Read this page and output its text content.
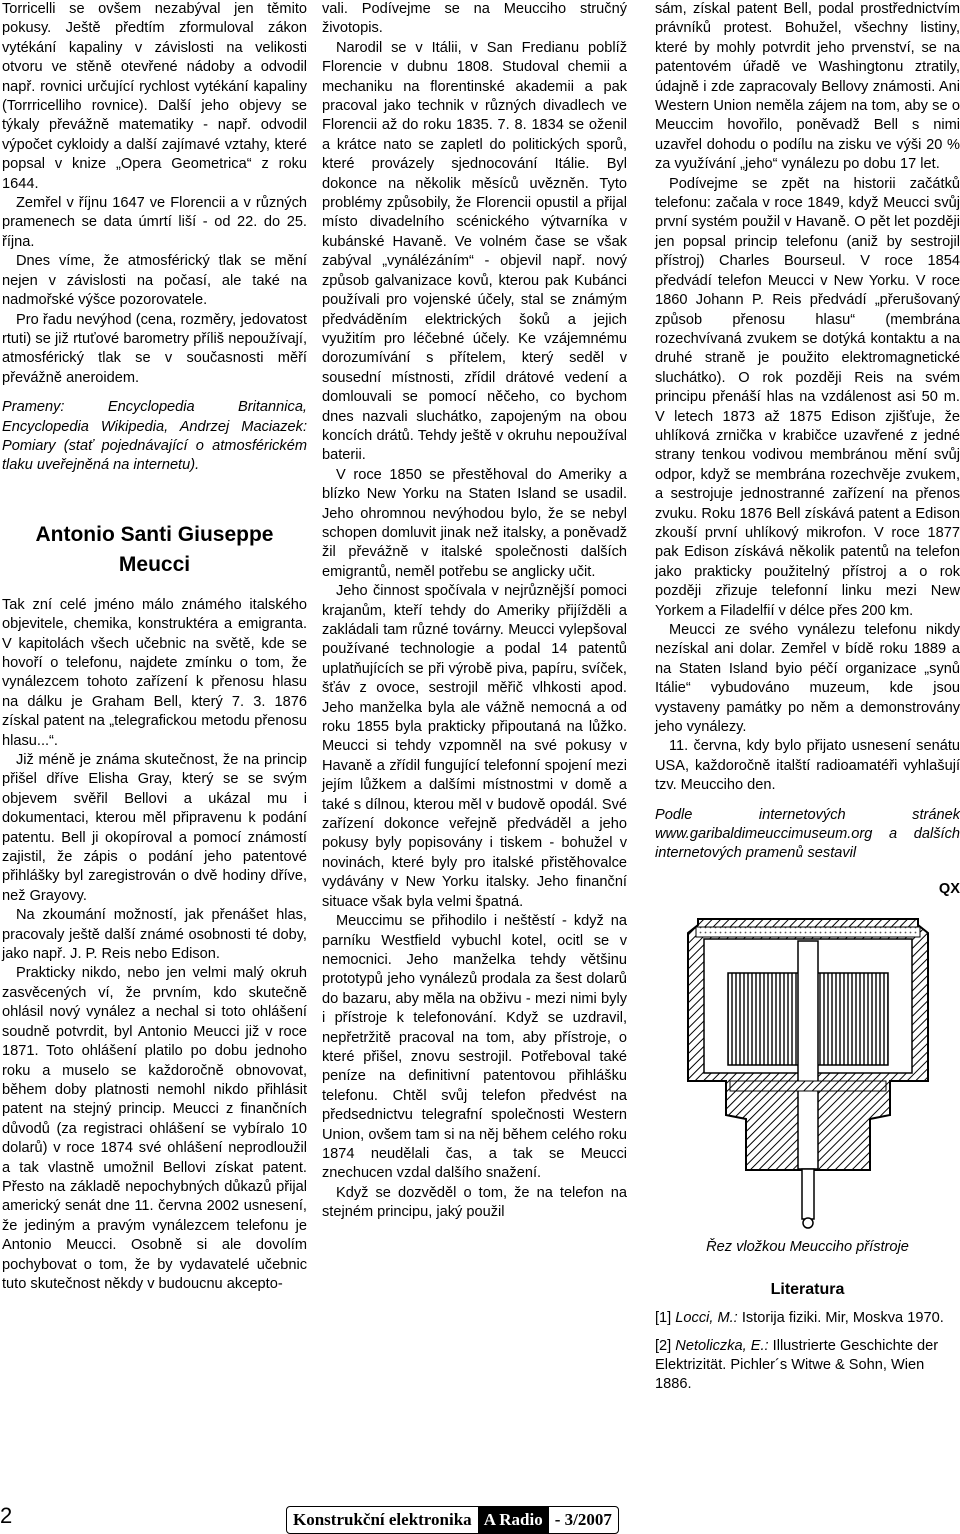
Torricelli se ovšem nezabýval jen těmito pokusy. Ještě předtím zformuloval zákon vytékání kapaliny v závislosti na velikosti otvoru ve stěně otevřené nádoby a odvodil např. rovnici určující rychlost vytékání kapaliny (Torrricelliho rovnice). Další jeho objevy se týkaly převážně matematiky - např. odvodil výpočet cykloidy a další zajímavé vztahy, které popsal v knize „Opera Geometrica“ z roku 1644.

Zemřel v říjnu 1647 ve Florencii a v různých pramenech se data úmrtí liší - od 22. do 25. října.

Dnes víme, že atmosférický tlak se mění nejen v závislosti na počasí, ale také na nadmořské výšce pozorovatele.

Pro řadu nevýhod (cena, rozměry, jedovatost rtuti) se již rtuťové barometry příliš nepoužívají, atmosférický tlak se v současnosti měří převážně aneroidem.

Prameny: Encyclopedia Britannica, Encyclopedia Wikipedia, Andrzej Maciazek: Pomiary (stať pojednávající o atmosférickém tlaku uveřejněná na internetu).

Antonio Santi Giuseppe Meucci

Tak zní celé jméno málo známého italského objevitele, chemika, konstruktéra a emigranta. V kapitolách všech učebnic na světě, kde se hovoří o telefonu, najdete zmínku o tom, že vynálezcem tohoto zařízení k přenosu hlasu na dálku je Graham Bell, který 7. 3. 1876 získal patent na „telegrafickou metodu přenosu hlasu...“.

Již méně je známa skutečnost, že na princip přišel dříve Elisha Gray, který se se svým objevem svěřil Bellovi a ukázal mu i dokumentaci, kterou měl připravenu k podání patentu. Bell ji okopíroval a pomocí známostí zajistil, že zápis o podání jeho patentové přihlášky byl zaregistrován o dvě hodiny dříve, než Grayovy.

Na zkoumání možností, jak přenášet hlas, pracovaly ještě další známé osobnosti té doby, jako např. J. P. Reis nebo Edison.

Prakticky nikdo, nebo jen velmi malý okruh zasvěcených ví, že prvním, kdo skutečně ohlásil nový vynález a nechal si toto ohlášení soudně potvrdit, byl Antonio Meucci již v roce 1871. Toto ohlášení platilo po dobu jednoho roku a muselo se každoročně obnovovat, během doby platnosti nemohl nikdo přihlásit patent na stejný princip. Meucci z finančních důvodů (za registraci ohlášení se vybíralo 10 dolarů) v roce 1874 své ohlášení neprodloužil a tak vlastně umožnil Bellovi získat patent. Přesto na základě nepochybných důkazů přijal americký senát dne 11. června 2002 usnesení, že jediným a pravým vynálezcem telefonu je Antonio Meucci. Osobně si ale dovolím pochybovat o tom, že by vydavatelé učebnic tuto skutečnost někdy v budoucnu akcepto-

vali. Podívejme se na Meucciho stručný životopis.

Narodil se v Itálii, v San Fredianu poblíž Florencie v dubnu 1808. Studoval chemii a mechaniku na florentinské akademii a pak pracoval jako technik v různých divadlech ve Florencii až do roku 1835. 7. 8. 1834 se oženil a krátce nato se zapletl do politických sporů, které provázely sjednocování Itálie. Byl dokonce na několik měsíců uvězněn. Tyto problémy způsobily, že Florencii opustil a přijal místo divadelního scénického výtvarníka v kubánské Havaně. Ve volném čase se však zabýval „vynálézáním“ - objevil např. nový způsob galvanizace kovů, kterou pak Kubánci používali pro vojenské účely, stal se známým předváděním elektrických šoků a jejich využitím pro léčebné účely. Ke vzájemnému dorozumívání s přítelem, který seděl v sousední místnosti, zřídil drátové vedení a domlouvali se pomocí něčeho, co bychom dnes nazvali sluchátko, zapojeným na obou koncích drátů. Tehdy ještě v okruhu nepoužíval baterii.

V roce 1850 se přestěhoval do Ameriky a blízko New Yorku na Staten Island se usadil. Jeho ohromnou nevýhodou bylo, že se nebyl schopen domluvit jinak než italsky, a poněvadž žil převážně v italské společnosti dalších emigrantů, neměl potřebu se anglicky učit.

Jeho činnost spočívala v nejrůznější pomoci krajanům, kteří tehdy do Ameriky přijížděli a zakládali tam různé továrny. Meucci vylepšoval používané technologie a podal 14 patentů uplatňujících se při výrobě piva, papíru, svíček, šťáv z ovoce, sestrojil měřič vlhkosti apod. Jeho manželka byla ale vážně nemocná a od roku 1855 byla prakticky připoutaná na lůžko. Meucci si tehdy vzpomněl na své pokusy v Havaně a zřídil fungující telefonní spojení mezi jejím lůžkem a dalšími místnostmi v domě a také s dílnou, kterou měl v budově opodál. Své zařízení dokonce veřejně předváděl a jeho pokusy byly popisovány i tiskem - bohužel v novinách, které byly pro italské přistěhovalce vydávány v New Yorku italsky. Jeho finanční situace však byla velmi špatná.

Meuccimu se přihodilo i neštěstí - když na parníku Westfield vybuchl kotel, ocitl se v nemocnici. Jeho manželka tehdy většinu prototypů jeho vynálezů prodala za šest dolarů do bazaru, aby měla na obživu - mezi nimi byly i přístroje k telefonování. Když se uzdravil, nepřetržitě pracoval na tom, aby přístroje, o které přišel, znovu sestrojil. Potřeboval také peníze na definitivní patentovou přihlášku telefonu. Chtěl svůj telefon předvést na předsednictvu telegrafní společnosti Western Union, ovšem tam si na něj během celého roku 1874 neudělali čas, a tak se Meucci znechucen vzdal dalšího snažení.

Když se dozvěděl o tom, že na telefon na stejném principu, jaký použil

sám, získal patent Bell, podal prostřednictvím právníků protest. Bohužel, všechny listiny, které by mohly potvrdit jeho prvenství, se na patentovém úřadě ve Washingtonu ztratily, údajně i zde zapracovaly Bellovy známosti. Ani Western Union neměla zájem na tom, aby se o Meuccim hovořilo, poněvadž Bell s nimi uzavřel dohodu o podílu na zisku ve výši 20 % za využívání „jeho“ vynálezu po dobu 17 let.

Podívejme se zpět na historii začátků telefonu: začala v roce 1849, když Meucci svůj první systém použil v Havaně. O pět let později jen popsal princip telefonu (aniž by sestrojil přístroj) Charles Bourseul. V roce 1854 předvádí telefon Meucci v New Yorku. V roce 1860 Johann P. Reis předvádí „přerušovaný způsob přenosu hlasu“ (membrána rozechvívaná zvukem se dotýká kontaktu a na druhé straně je použito elektromagnetické sluchátko). O rok později Reis na svém principu přenáší hlas na vzdálenost asi 50 m. V letech 1873 až 1875 Edison zjišťuje, že uhlíková zrnička v krabičce uzavřené z jedné strany tenkou vodivou membránou mění svůj odpor, když se membrána rozechvěje zvukem, a sestrojuje jednostranné zařízení na přenos zvuku. Roku 1876 Bell získává patent a Edison zkouší první uhlíkový mikrofon. V roce 1877 pak Edison získává několik patentů na telefon jako prakticky použitelný přístroj a o rok později zřizuje telefonní linku mezi New Yorkem a Filadelfií v délce přes 200 km.

Meucci ze svého vynálezu telefonu nikdy nezískal ani dolar. Zemřel v bídě roku 1889 a na Staten Island byio péčí organizace „synů Itálie“ vybudováno muzeum, kde jsou vystaveny památky po něm a demonstrovány jeho vynálezy.

11. června, kdy bylo přijato usnesení senátu USA, každoročně italští radioamatéři vyhlašují tzv. Meucciho den.

Podle internetových stránek www.garibaldimeuccimuseum.org a dalších internetových pramenů sestavil

QX

Řez vložkou Meucciho přístroje

Literatura

[1] Locci, M.: Istorija fiziki. Mir, Moskva 1970.

[2] Netoliczka, E.: Illustrierte Geschichte der Elektrizität. Pichler´s Witwe & Sohn, Wien 1886.

2	Konstrukční elektronika A Radio - 3/2007
